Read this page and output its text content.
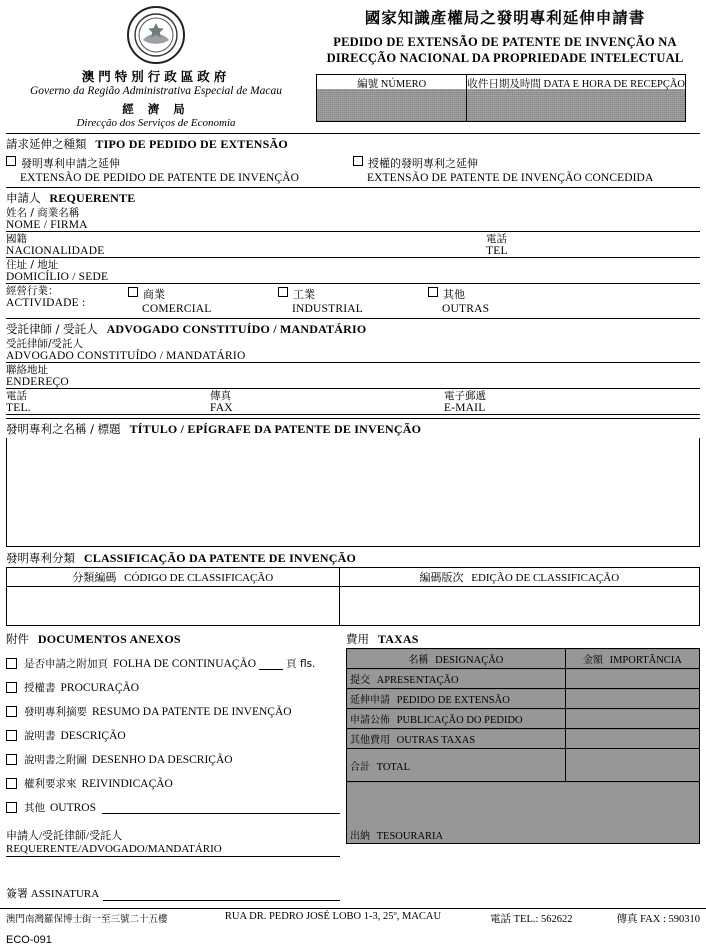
澳門特別行政區政府
Governo da Região Administrativa Especial de Macau
經 濟 局
Direcção dos Serviços de Economia
國家知識產權局之發明專利延伸申請書
PEDIDO DE EXTENSÃO DE PATENTE DE INVENÇÃO NA
DIRECÇÃO NACIONAL DA PROPRIEDADE INTELECTUAL
編號 NÚMERO	收件日期及時間 DATA E HORA DE RECEPÇÃO
請求延伸之種類 TIPO DE PEDIDO DE EXTENSÃO
發明專利申請之延伸
EXTENSÃO DE PEDIDO DE PATENTE DE INVENÇÃO
授權的發明專利之延伸
EXTENSÃO DE PATENTE DE INVENÇÃO CONCEDIDA
申請人 REQUERENTE
姓名 / 商業名稱
NOME / FIRMA
國籍
NACIONALIDADE
電話
TEL
住址 / 地址
DOMICÍLIO / SEDE
經營行業：
ACTIVIDADE :
商業
COMERCIAL
工業
INDUSTRIAL
其他
OUTRAS
受託律師 / 受託人 ADVOGADO CONSTITUÍDO / MANDATÁRIO
受託律師/受託人
ADVOGADO CONSTITUÍDO / MANDATÁRIO
聯絡地址
ENDEREÇO
電話
TEL.
傳真
FAX
電子郵遞
E-MAIL
發明專利之名稱 / 標題 TÍTULO / EPÍGRAFE DA PATENTE DE INVENÇÃO
發明專利分類 CLASSIFICAÇÃO DA PATENTE DE INVENÇÃO
分類編碼 CÓDIGO DE CLASSIFICAÇÃO	編碼版次 EDIÇÃO DE CLASSIFICAÇÃO

附件 DOCUMENTOS ANEXOS
是否申請之附加頁 FOLHA DE CONTINUAÇÃO	頁 fls.
授權書 PROCURAÇÃO
發明專利摘要 RESUMO DA PATENTE DE INVENÇÃO
說明書 DESCRIÇÃO
說明書之附圖 DESENHO DA DESCRIÇÃO
權利要求來 REIVINDICAÇÃO
其他 OUTROS
申請人/受託律師/受託人 REQUERENTE/ADVOGADO/MANDATÁRIO
簽署 ASSINATURA
費用 TAXAS
名稱 DESIGNAÇÃO	金額 IMPORTÂNCIA
提交 APRESENTAÇÃO	
延伸申請 PEDIDO DE EXTENSÃO	
申請公佈 PUBLICAÇÃO DO PEDIDO	
其他費用 OUTRAS TAXAS	
合計 TOTAL	

出納 TESOURARIA	
澳門南灣羅保博士街一至三號二十五樓	RUA DR. PEDRO JOSÉ LOBO 1-3, 25º, MACAU	電話 TEL.: 562622	傳真 FAX : 590310
ECO-091
